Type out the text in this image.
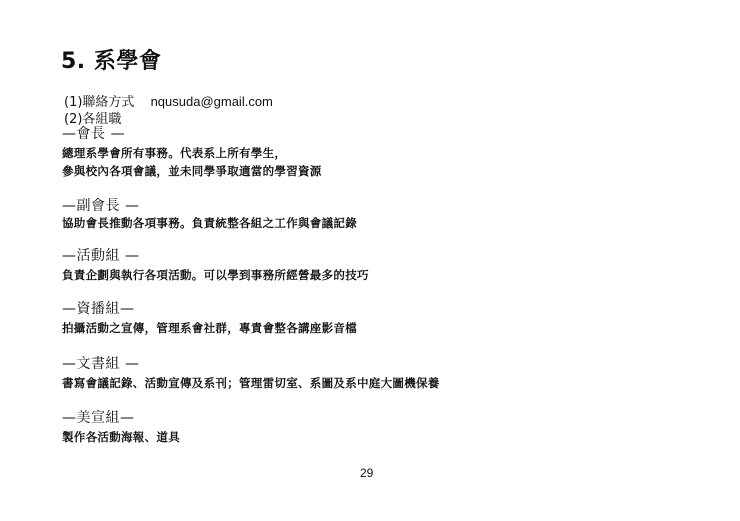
5. 系學會
(1)聯絡方式 nqusuda@gmail.com
(2)各組職
—會長 —
總理系學會所有事務。代表系上所有學生，
參與校內各項會議，並未同學爭取適當的學習資源
—副會長 —
協助會長推動各項事務。負責統整各組之工作與會議記錄
—活動組 —
負責企劃與執行各項活動。可以學到事務所經營最多的技巧
—資播組—
拍攝活動之宣傳，管理系會社群，專責會整各講座影音檔
—文書組 —
書寫會議記錄、活動宣傳及系刊；管理雷切室、系圖及系中庭大圖機保養
—美宣組—
製作各活動海報、道具
29
